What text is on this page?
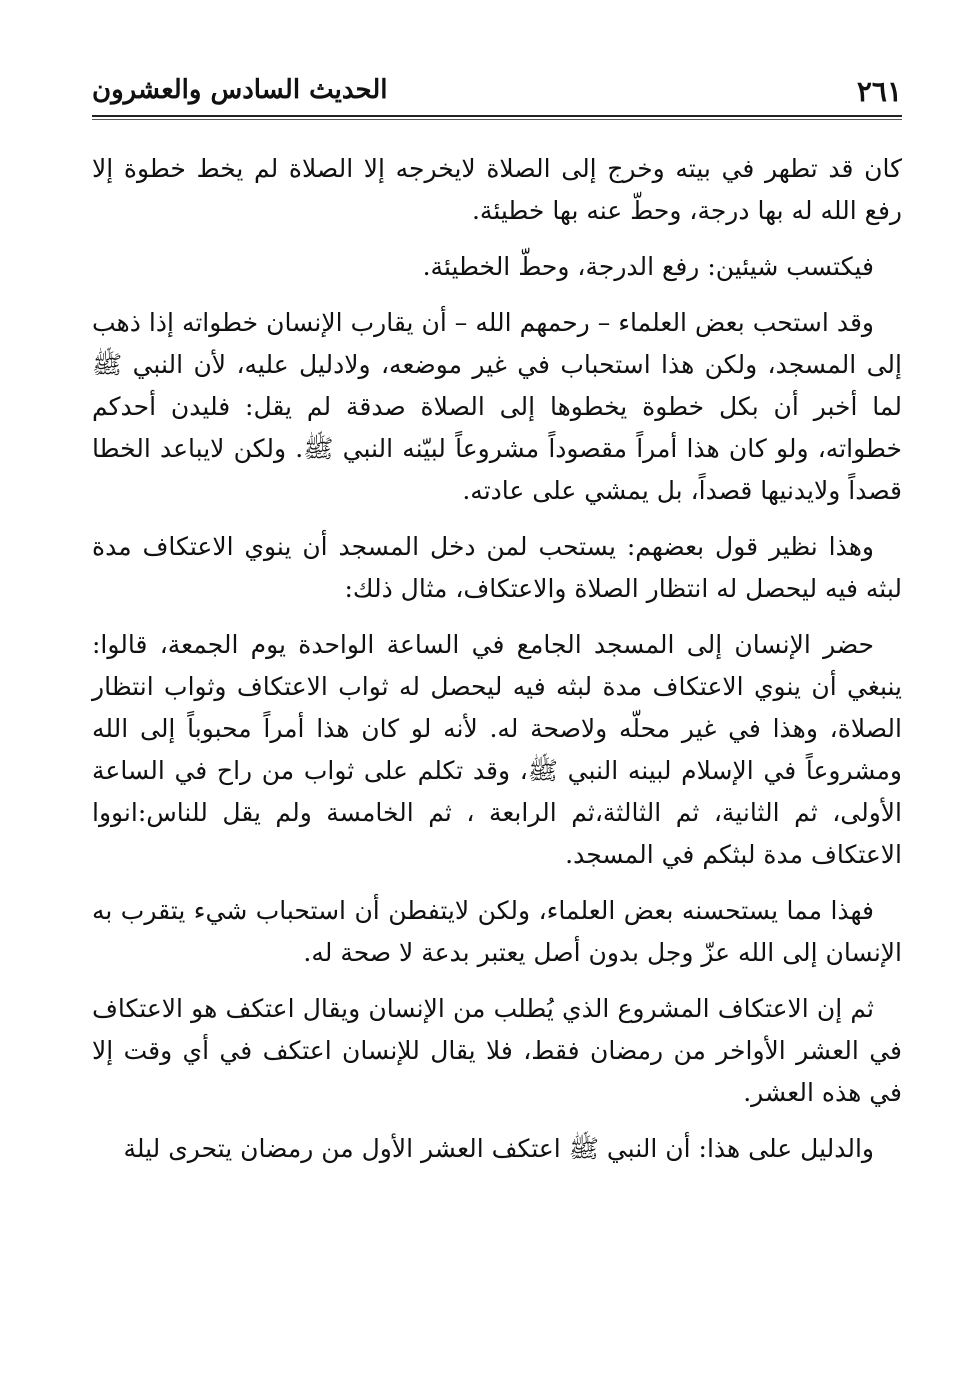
٢٦١
الحديث السادس والعشرون

كان قد تطهر في بيته وخرج إلى الصلاة لايخرجه إلا الصلاة لم يخط خطوة إلا رفع الله له بها درجة، وحطّ عنه بها خطيئة.

فيكتسب شيئين: رفع الدرجة، وحطّ الخطيئة.

وقد استحب بعض العلماء – رحمهم الله – أن يقارب الإنسان خطواته إذا ذهب إلى المسجد، ولكن هذا استحباب في غير موضعه، ولادليل عليه، لأن النبي ﷺ لما أخبر أن بكل خطوة يخطوها إلى الصلاة صدقة لم يقل: فليدن أحدكم خطواته، ولو كان هذا أمراً مقصوداً مشروعاً لبيّنه النبي ﷺ. ولكن لايباعد الخطا قصداً ولايدنيها قصداً، بل يمشي على عادته.

وهذا نظير قول بعضهم: يستحب لمن دخل المسجد أن ينوي الاعتكاف مدة لبثه فيه ليحصل له انتظار الصلاة والاعتكاف، مثال ذلك:

حضر الإنسان إلى المسجد الجامع في الساعة الواحدة يوم الجمعة، قالوا: ينبغي أن ينوي الاعتكاف مدة لبثه فيه ليحصل له ثواب الاعتكاف وثواب انتظار الصلاة، وهذا في غير محلّه ولاصحة له. لأنه لو كان هذا أمراً محبوباً إلى الله ومشروعاً في الإسلام لبينه النبي ﷺ، وقد تكلم على ثواب من راح في الساعة الأولى، ثم الثانية، ثم الثالثة،ثم الرابعة ، ثم الخامسة ولم يقل للناس:انووا الاعتكاف مدة لبثكم في المسجد.

فهذا مما يستحسنه بعض العلماء، ولكن لايتفطن أن استحباب شيء يتقرب به الإنسان إلى الله عزّ وجل بدون أصل يعتبر بدعة لا صحة له.

ثم إن الاعتكاف المشروع الذي يُطلب من الإنسان ويقال اعتكف هو الاعتكاف في العشر الأواخر من رمضان فقط، فلا يقال للإنسان اعتكف في أي وقت إلا في هذه العشر.

والدليل على هذا: أن النبي ﷺ اعتكف العشر الأول من رمضان يتحرى ليلة
